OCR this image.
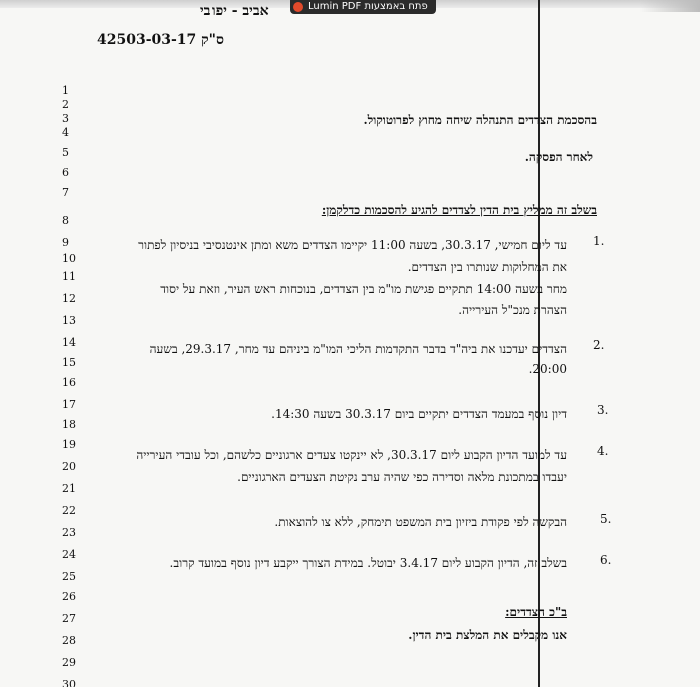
אביב - יפו
בי	פתח באמצעות Lumin PDF
ס"ק 42503-03-17
1
2
3
4
5
6
7
8
9
10
11
12
13
14
15
16
17
18
19
20
21
22
23
24
25
26
27
28
29
30
בהסכמת הצדדים התנהלה שיחה מחוץ לפרוטוקול.
לאחר הפסקה.
בשלב זה ממליץ בית הדין לצדדים להגיע להסכמות כדלקמן:
1.
עד ליום חמישי, 30.3.17, בשעה 11:00 יקיימו הצדדים משא ומתן אינטנסיבי בניסיון לפתור
את המחלוקות שנותרו בין הצדדים.
מחר בשעה 14:00 תתקיים פגישת מו"מ בין הצדדים, בנוכחות ראש העיר, וזאת על יסוד
הצהרת מנכ"ל העירייה.
2.
הצדדים יעדכנו את ביה"ד בדבר התקדמות הליכי המו"מ ביניהם עד מחר, 29.3.17, בשעה
20:00.
3.
דיון נוסף במעמד הצדדים יתקיים ביום 30.3.17 בשעה 14:30.
4.
עד למועד הדיון הקבוע ליום 30.3.17, לא יינקטו צעדים ארגוניים כלשהם, וכל עובדי העירייה
יעבדו במתכונת מלאה וסדירה כפי שהיה ערב נקיטת הצעדים הארגוניים.
5.
הבקשה לפי פקודת ביזיון בית המשפט תימחק, ללא צו להוצאות.
6.
בשלב זה, הדיון הקבוע ליום 3.4.17 יבוטל. במידת הצורך ייקבע דיון נוסף במועד קרוב.
ב"כ הצדדים:
אנו מקבלים את המלצת בית הדין.
